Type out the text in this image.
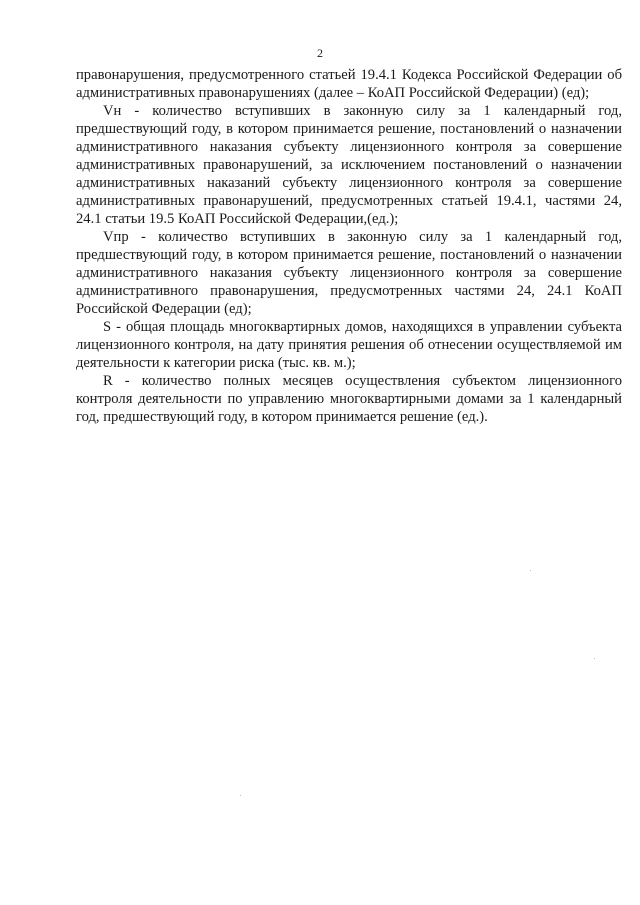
2

правонарушения, предусмотренного статьей 19.4.1 Кодекса Российской Федерации об административных правонарушениях (далее – КоАП Российской Федерации) (ед);

Vн - количество вступивших в законную силу за 1 календарный год, предшествующий году, в котором принимается решение, постановлений о назначении административного наказания субъекту лицензионного контроля за совершение административных правонарушений, за исключением постановлений о назначении административных наказаний субъекту лицензионного контроля за совершение административных правонарушений, предусмотренных статьей 19.4.1, частями 24, 24.1 статьи 19.5 КоАП Российской Федерации,(ед.);

Vпр - количество вступивших в законную силу за 1 календарный год, предшествующий году, в котором принимается решение, постановлений о назначении административного наказания субъекту лицензионного контроля за совершение административного правонарушения, предусмотренных частями 24, 24.1 КоАП Российской Федерации (ед);

S - общая площадь многоквартирных домов, находящихся в управлении субъекта лицензионного контроля, на дату принятия решения об отнесении осуществляемой им деятельности к категории риска (тыс. кв. м.);

R - количество полных месяцев осуществления субъектом лицензионного контроля деятельности по управлению многоквартирными домами за 1 календарный год, предшествующий году, в котором принимается решение (ед.).
